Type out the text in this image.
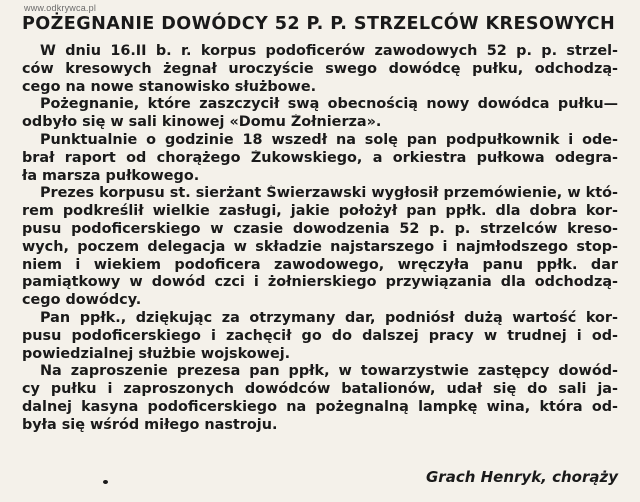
www.odkrywca.pl
POŻEGNANIE DOWÓDCY 52 P. P. STRZELCÓW KRESOWYCH
W dniu 16.II b. r. korpus podoficerów zawodowych 52 p. p. strzel-
ców kresowych żegnał uroczyście swego dowódcę pułku, odchodzą-
cego na nowe stanowisko służbowe.
Pożegnanie, które zaszczycił swą obecnością nowy dowódca pułku—
odbyło się w sali kinowej «Domu Żołnierza».
Punktualnie o godzinie 18 wszedł na solę pan podpułkownik i ode-
brał raport od chorążego Żukowskiego, a orkiestra pułkowa odegra-
ła marsza pułkowego.
Prezes korpusu st. sierżant Świerzawski wygłosił przemówienie, w któ-
rem podkreślił wielkie zasługi, jakie położył pan ppłk. dla dobra kor-
pusu podoficerskiego w czasie dowodzenia 52 p. p. strzelców kreso-
wych, poczem delegacja w składzie najstarszego i najmłodszego stop-
niem i wiekiem podoficera zawodowego, wręczyła panu ppłk. dar
pamiątkowy w dowód czci i żołnierskiego przywiązania dla odchodzą-
cego dowódcy.
Pan ppłk., dziękując za otrzymany dar, podniósł dużą wartość kor-
pusu podoficerskiego i zachęcił go do dalszej pracy w trudnej i od-
powiedzialnej służbie wojskowej.
Na zaproszenie prezesa pan ppłk, w towarzystwie zastępcy dowód-
cy pułku i zaproszonych dowódców batalionów, udał się do sali ja-
dalnej kasyna podoficerskiego na pożegnalną lampkę wina, która od-
była się wśród miłego nastroju.
Grach Henryk, chorąży
